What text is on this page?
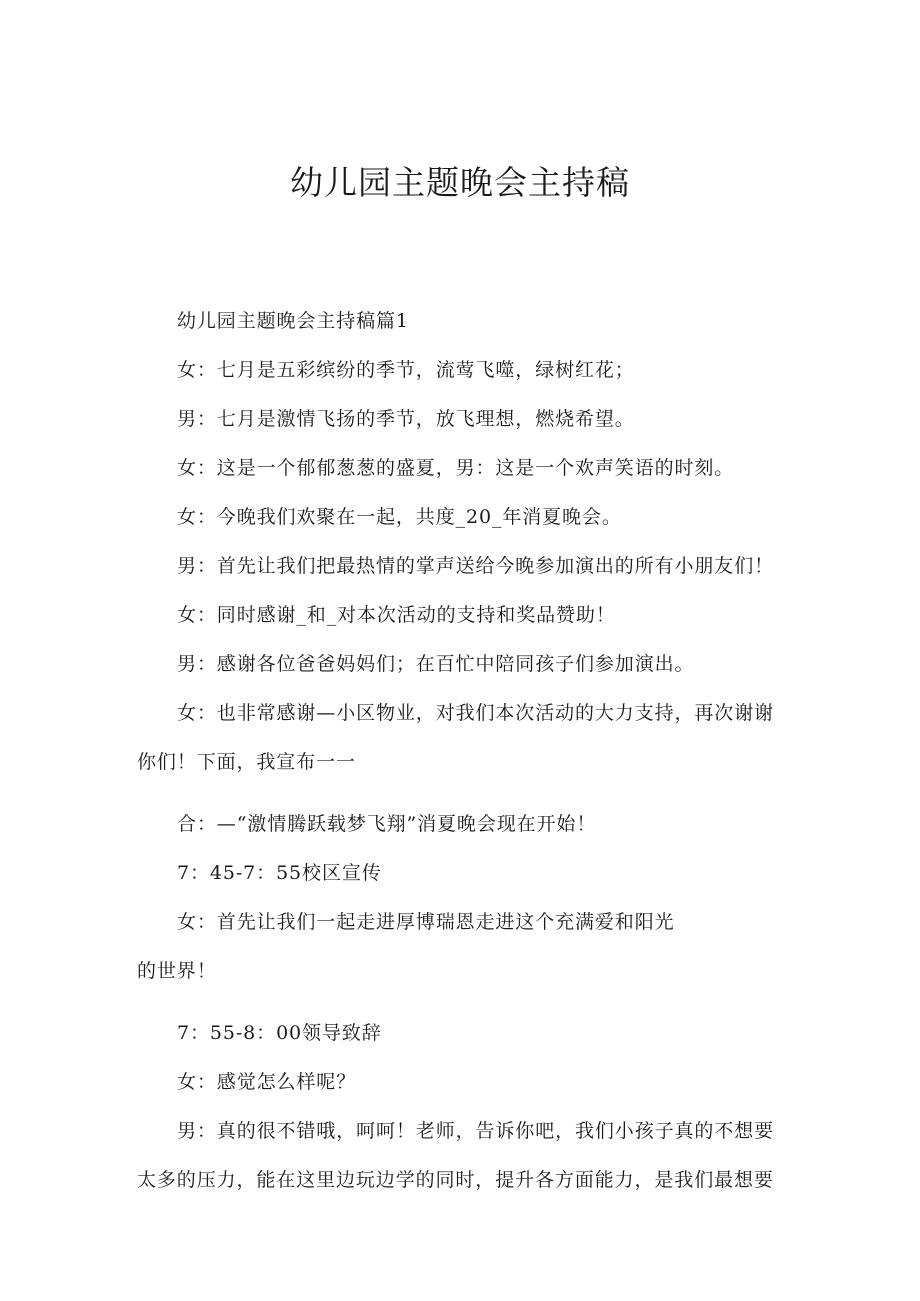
幼儿园主题晚会主持稿

幼儿园主题晚会主持稿篇1

女：七月是五彩缤纷的季节，流莺飞噬，绿树红花；

男：七月是激情飞扬的季节，放飞理想，燃烧希望。

女：这是一个郁郁葱葱的盛夏，男：这是一个欢声笑语的时刻。

女：今晚我们欢聚在一起，共度_20_年消夏晚会。

男：首先让我们把最热情的掌声送给今晚参加演出的所有小朋友们！

女：同时感谢_和_对本次活动的支持和奖品赞助！

男：感谢各位爸爸妈妈们；在百忙中陪同孩子们参加演出。

女：也非常感谢—小区物业，对我们本次活动的大力支持，再次谢谢你们！下面，我宣布一一

合：—“激情腾跃载梦飞翔”消夏晚会现在开始！

7：45-7：55校区宣传

女：首先让我们一起走进厚博瑞恩走进这个充满爱和阳光
的世界！

7：55-8：00领导致辞

女：感觉怎么样呢？

男：真的很不错哦，呵呵！老师，告诉你吧，我们小孩子真的不想要太多的压力，能在这里边玩边学的同时，提升各方面能力，是我们最想要
